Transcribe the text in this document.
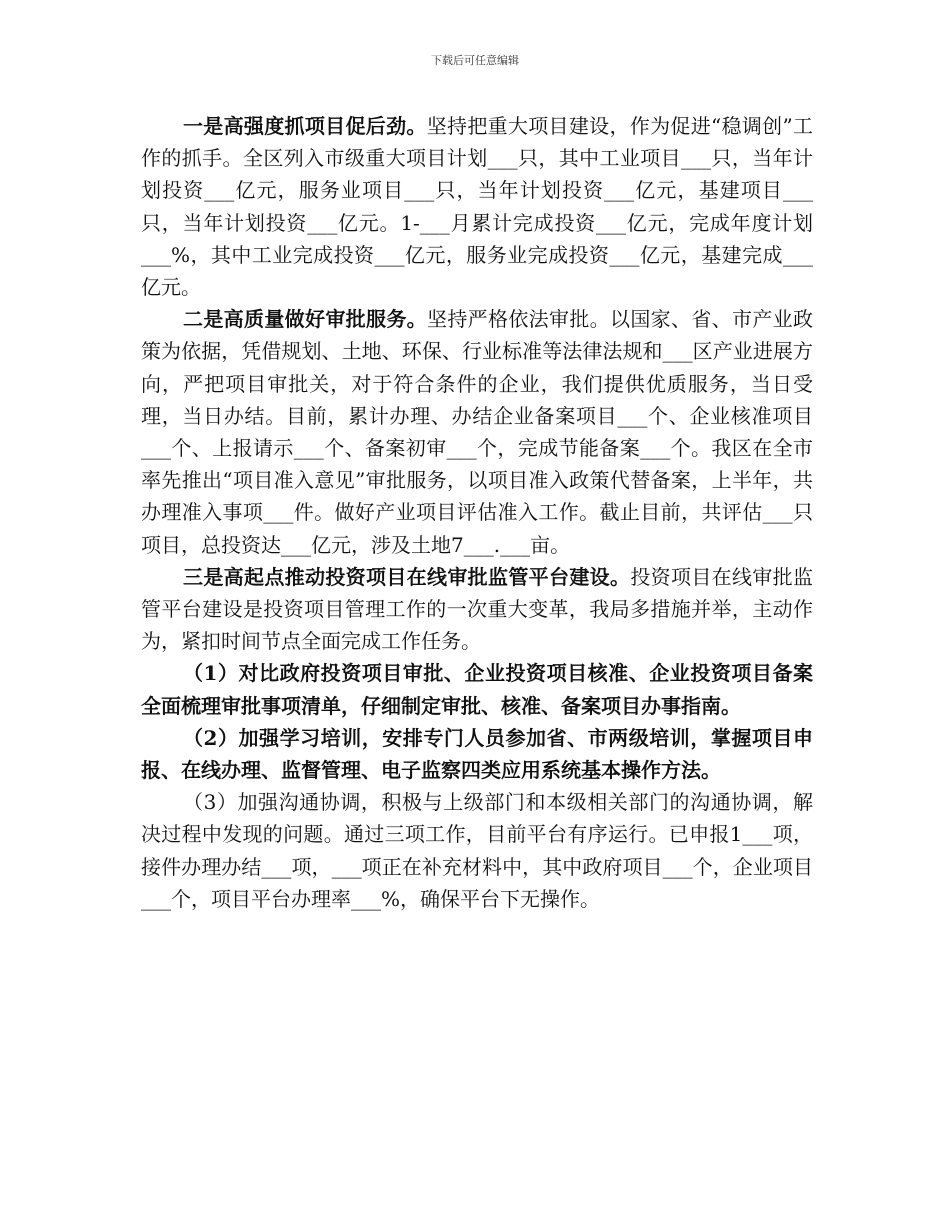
下载后可任意编辑

一是高强度抓项目促后劲。坚持把重大项目建设，作为促进“稳调创”工作的抓手。全区列入市级重大项目计划___只，其中工业项目___只，当年计划投资___亿元，服务业项目___只，当年计划投资___亿元，基建项目___只，当年计划投资___亿元。1-___月累计完成投资___亿元，完成年度计划___%，其中工业完成投资___亿元，服务业完成投资___亿元，基建完成___亿元。

二是高质量做好审批服务。坚持严格依法审批。以国家、省、市产业政策为依据，凭借规划、土地、环保、行业标准等法律法规和___区产业进展方向，严把项目审批关，对于符合条件的企业，我们提供优质服务，当日受理，当日办结。目前，累计办理、办结企业备案项目___个、企业核准项目___个、上报请示___个、备案初审___个，完成节能备案___个。我区在全市率先推出“项目准入意见”审批服务，以项目准入政策代替备案，上半年，共办理准入事项___件。做好产业项目评估准入工作。截止目前，共评估___只项目，总投资达___亿元，涉及土地7___.___亩。

三是高起点推动投资项目在线审批监管平台建设。投资项目在线审批监管平台建设是投资项目管理工作的一次重大变革，我局多措施并举，主动作为，紧扣时间节点全面完成工作任务。

（1）对比政府投资项目审批、企业投资项目核准、企业投资项目备案全面梳理审批事项清单，仔细制定审批、核准、备案项目办事指南。

（2）加强学习培训，安排专门人员参加省、市两级培训，掌握项目申报、在线办理、监督管理、电子监察四类应用系统基本操作方法。

（3）加强沟通协调，积极与上级部门和本级相关部门的沟通协调，解决过程中发现的问题。通过三项工作，目前平台有序运行。已申报1___项，接件办理办结___项，___项正在补充材料中，其中政府项目___个，企业项目___个，项目平台办理率___%，确保平台下无操作。
